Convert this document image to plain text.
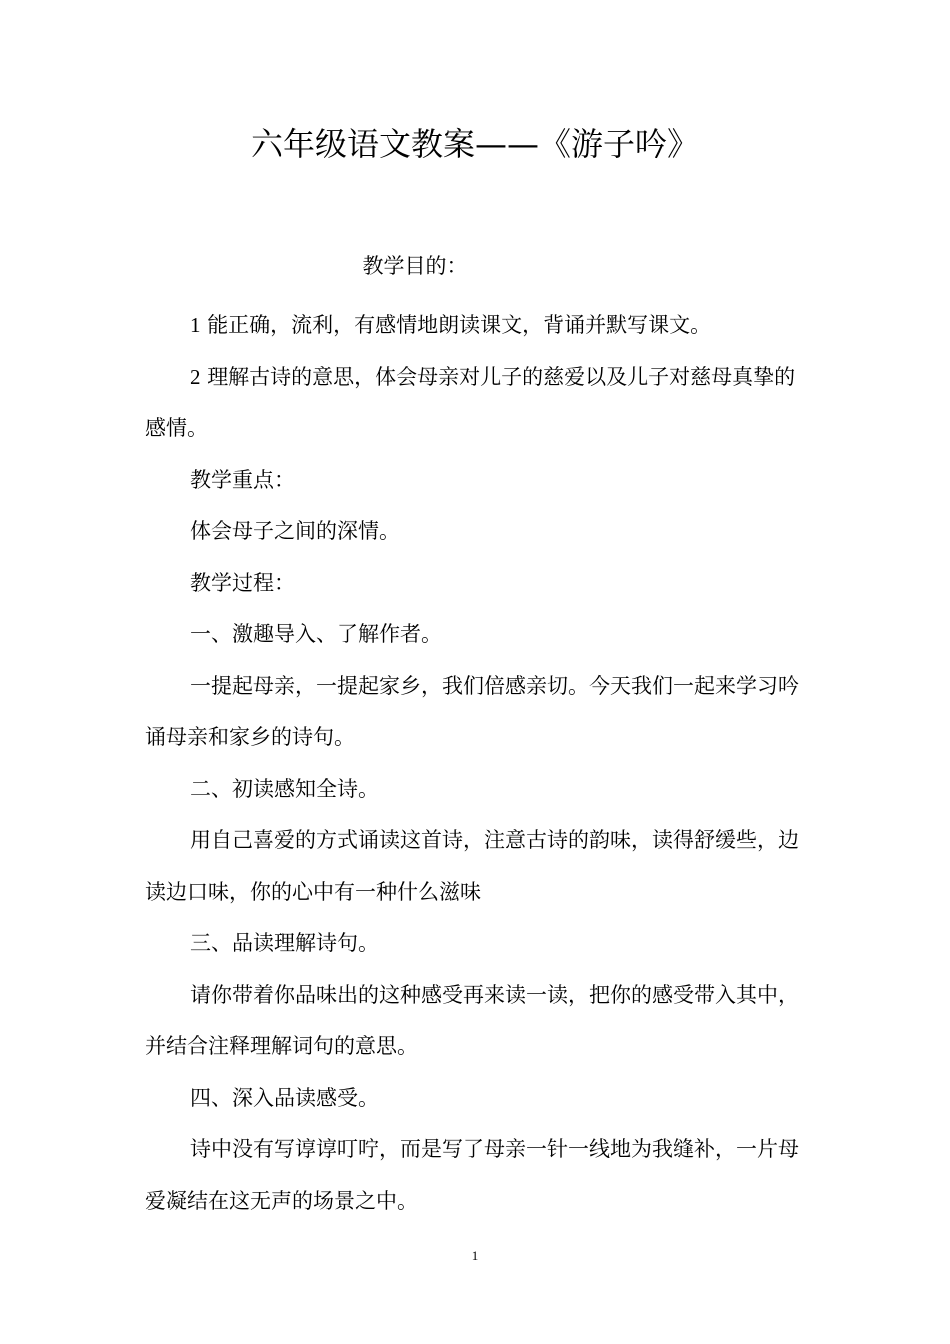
六年级语文教案——《游子吟》
教学目的：

1 能正确，流利，有感情地朗读课文，背诵并默写课文。

2 理解古诗的意思，体会母亲对儿子的慈爱以及儿子对慈母真挚的感情。

教学重点：

体会母子之间的深情。

教学过程：

一、激趣导入、了解作者。

一提起母亲，一提起家乡，我们倍感亲切。今天我们一起来学习吟诵母亲和家乡的诗句。

二、初读感知全诗。

用自己喜爱的方式诵读这首诗，注意古诗的韵味，读得舒缓些，边读边口味，你的心中有一种什么滋味

三、品读理解诗句。

请你带着你品味出的这种感受再来读一读，把你的感受带入其中，并结合注释理解词句的意思。

四、深入品读感受。

诗中没有写谆谆叮咛，而是写了母亲一针一线地为我缝补，一片母爱凝结在这无声的场景之中。

1
